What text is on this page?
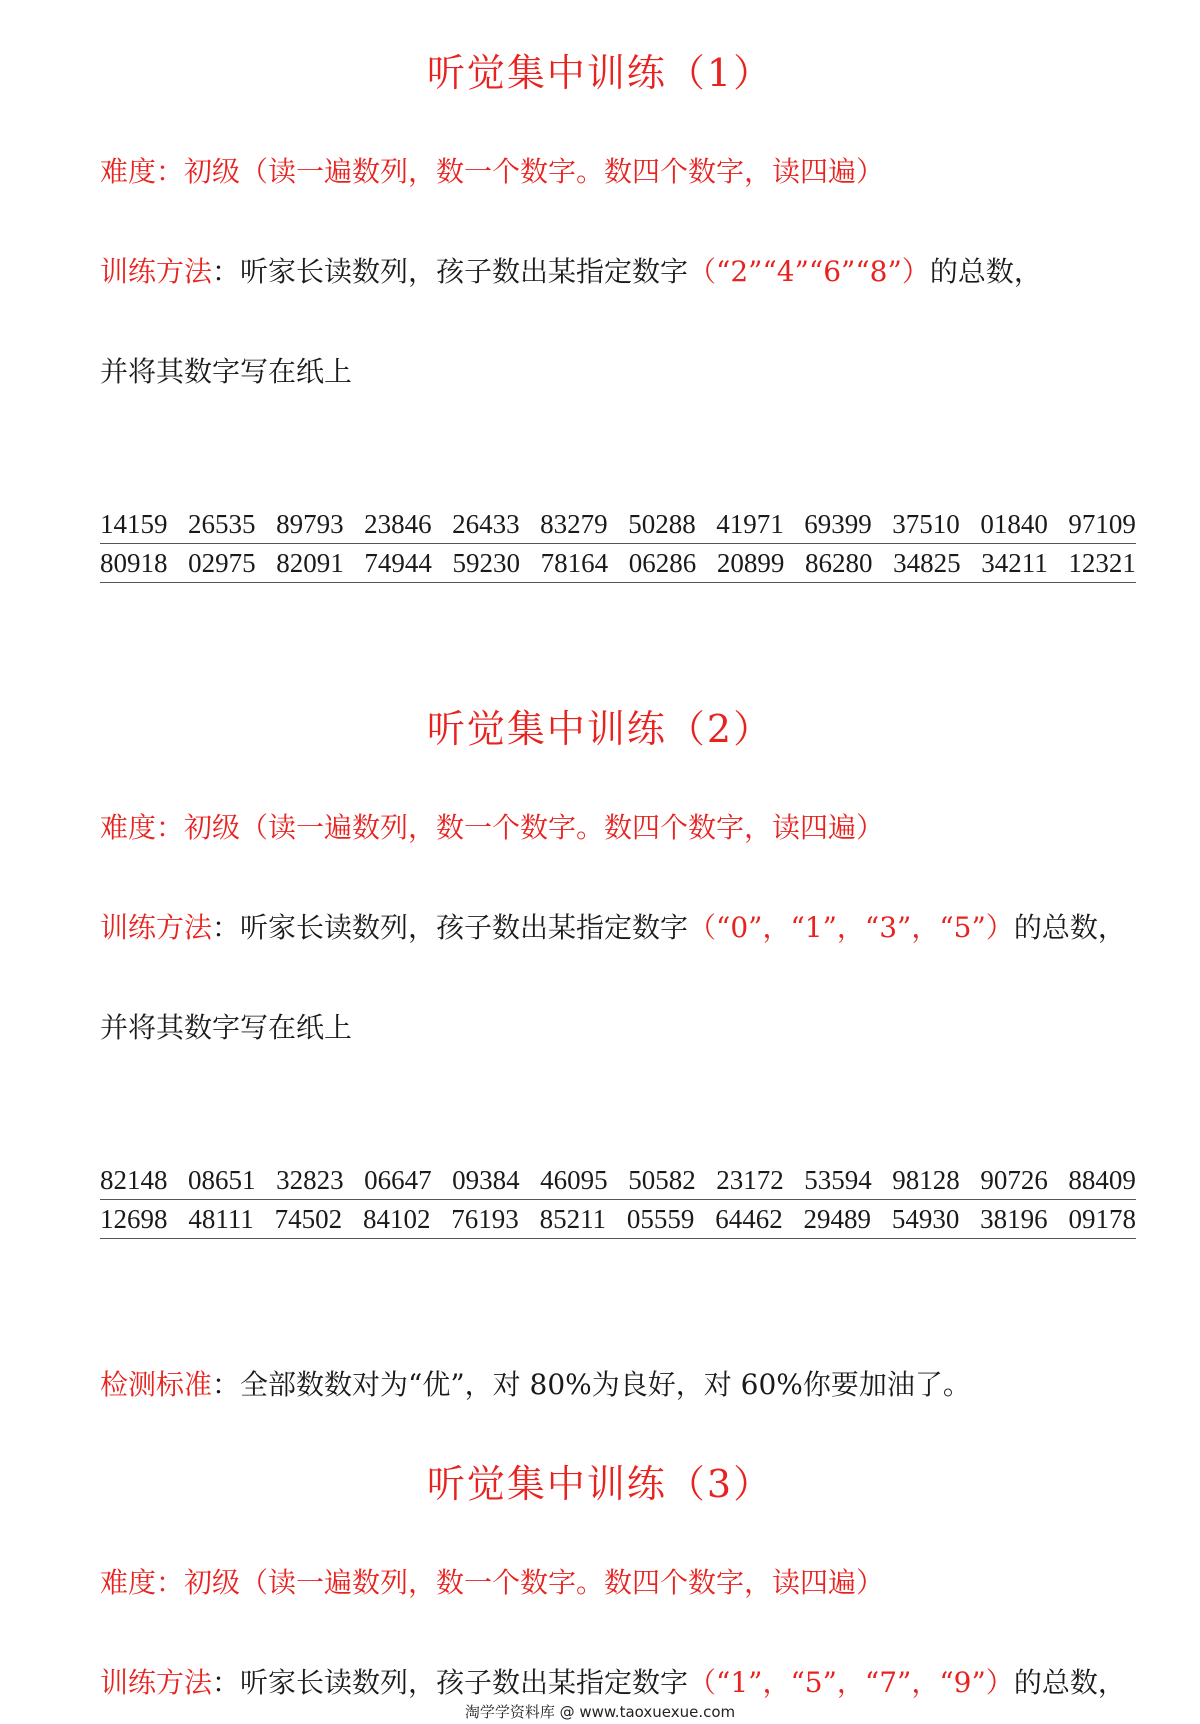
听觉集中训练（1）
难度：初级（读一遍数列，数一个数字。数四个数字，读四遍）
训练方法：听家长读数列，孩子数出某指定数字（“2”“4”“6”“8”）的总数，
并将其数字写在纸上
14159 26535 89793 23846 26433 83279 50288 41971 69399 37510 01840 97109
80918 02975 82091 74944 59230 78164 06286 20899 86280 34825 34211 12321
听觉集中训练（2）
难度：初级（读一遍数列，数一个数字。数四个数字，读四遍）
训练方法：听家长读数列，孩子数出某指定数字（“0”，“1”，“3”，“5”）的总数，
并将其数字写在纸上
82148 08651 32823 06647 09384 46095 50582 23172 53594 98128 90726 88409
12698 48111 74502 84102 76193 85211 05559 64462 29489 54930 38196 09178
检测标准：全部数数对为“优”，对 80%为良好，对 60%你要加油了。
听觉集中训练（3）
难度：初级（读一遍数列，数一个数字。数四个数字，读四遍）
训练方法：听家长读数列，孩子数出某指定数字（“1”，“5”，“7”，“9”）的总数，
淘学学资料库 @ www.taoxuexue.com
